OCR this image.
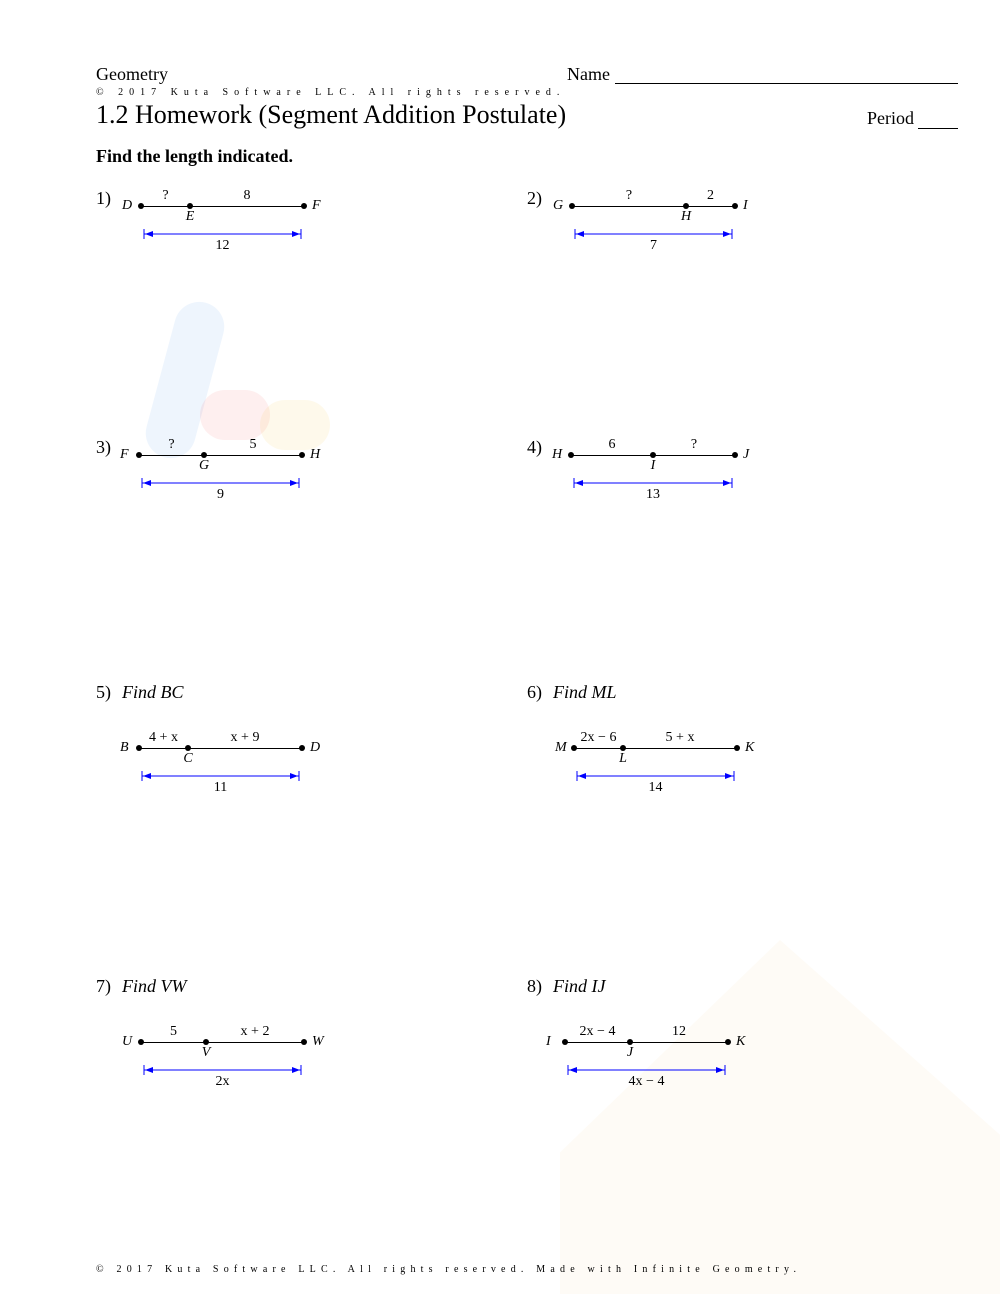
Geometry	Name
© 2017 Kuta Software LLC. All rights reserved.
1.2 Homework (Segment Addition Postulate)	Period
Find the length indicated.
1) D
E
F
?	8
12
2) G
H
I
?	2
7
3) F
G
H
?	5
9
4) H
I
J
6	?
13
5) Find BC
B
C
D
4 + x	x + 9
11
6) Find ML
M
L
K
2x − 6	5 + x
14
7) Find VW
U
V
W
5	x + 2
2x
8) Find IJ
I
J
K
2x − 4	12
4x − 4
© 2017 Kuta Software LLC. All rights reserved. Made with Infinite Geometry.
